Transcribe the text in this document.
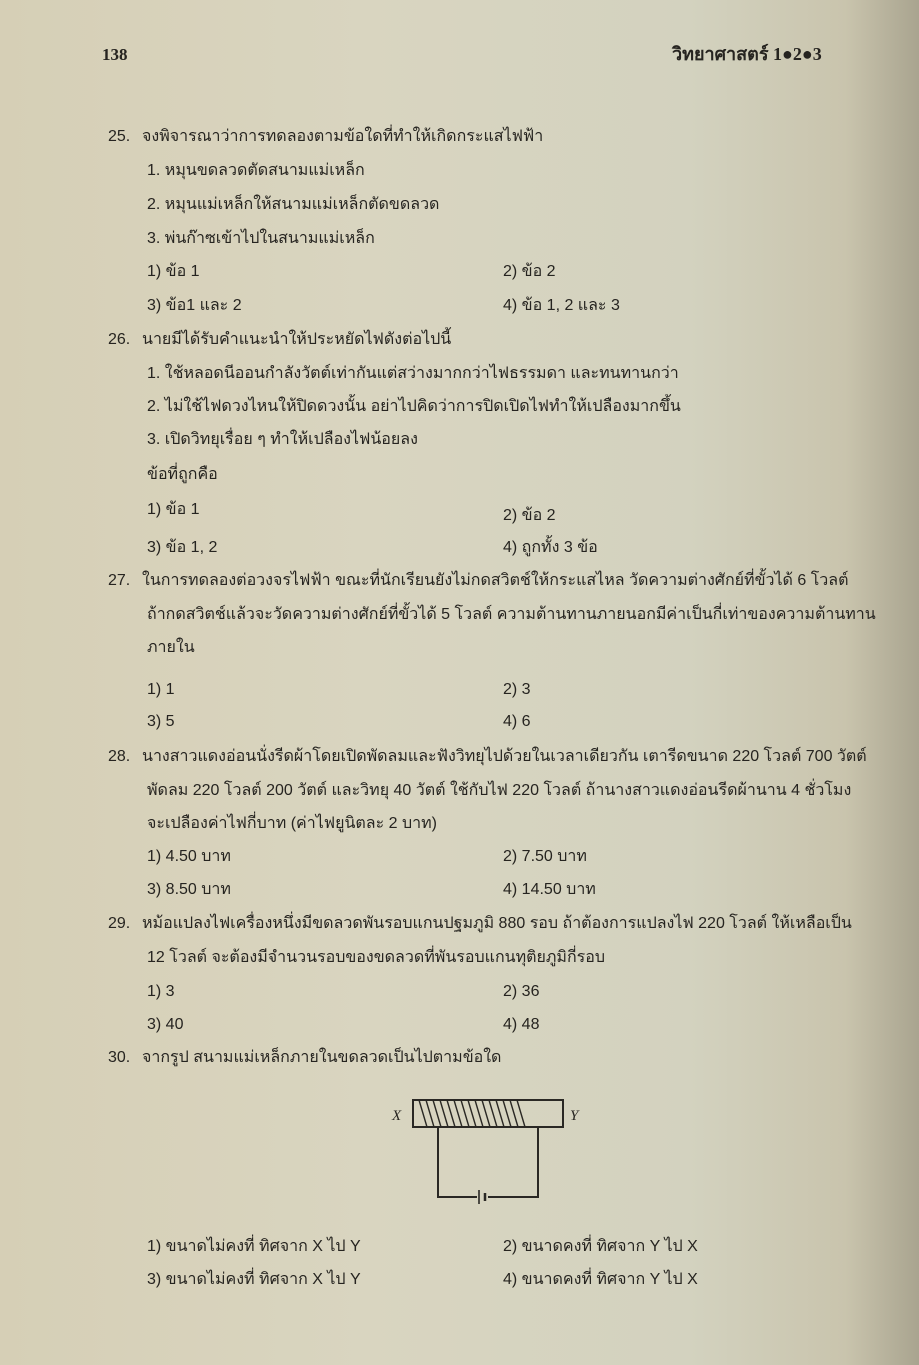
138	วิทยาศาสตร์ 1●2●3
25. จงพิจารณาว่าการทดลองตามข้อใดที่ทำให้เกิดกระแสไฟฟ้า
1. หมุนขดลวดตัดสนามแม่เหล็ก
2. หมุนแม่เหล็กให้สนามแม่เหล็กตัดขดลวด
3. พ่นก๊าซเข้าไปในสนามแม่เหล็ก
1) ข้อ 1	2) ข้อ 2
3) ข้อ1 และ 2	4) ข้อ 1, 2 และ 3
26. นายมีได้รับคำแนะนำให้ประหยัดไฟดังต่อไปนี้
1. ใช้หลอดนีออนกำลังวัตต์เท่ากันแต่สว่างมากกว่าไฟธรรมดา และทนทานกว่า
2. ไม่ใช้ไฟดวงไหนให้ปิดดวงนั้น อย่าไปคิดว่าการปิดเปิดไฟทำให้เปลืองมากขึ้น
3. เปิดวิทยุเรื่อย ๆ ทำให้เปลืองไฟน้อยลง
ข้อที่ถูกคือ
1) ข้อ 1	2) ข้อ 2
3) ข้อ 1, 2	4) ถูกทั้ง 3 ข้อ
27. ในการทดลองต่อวงจรไฟฟ้า ขณะที่นักเรียนยังไม่กดสวิตช์ให้กระแสไหล วัดความต่างศักย์ที่ขั้วได้ 6 โวลต์
ถ้ากดสวิตช์แล้วจะวัดความต่างศักย์ที่ขั้วได้ 5 โวลต์ ความต้านทานภายนอกมีค่าเป็นกี่เท่าของความต้านทาน
ภายใน
1) 1	2) 3
3) 5	4) 6
28. นางสาวแดงอ่อนนั่งรีดผ้าโดยเปิดพัดลมและฟังวิทยุไปด้วยในเวลาเดียวกัน เตารีดขนาด 220 โวลต์ 700 วัตต์
พัดลม 220 โวลต์ 200 วัตต์ และวิทยุ 40 วัตต์ ใช้กับไฟ 220 โวลต์ ถ้านางสาวแดงอ่อนรีดผ้านาน 4 ชั่วโมง
จะเปลืองค่าไฟกี่บาท (ค่าไฟยูนิตละ 2 บาท)
1) 4.50 บาท	2) 7.50 บาท
3) 8.50 บาท	4) 14.50 บาท
29. หม้อแปลงไฟเครื่องหนึ่งมีขดลวดพันรอบแกนปฐมภูมิ 880 รอบ ถ้าต้องการแปลงไฟ 220 โวลต์ ให้เหลือเป็น
12 โวลต์ จะต้องมีจำนวนรอบของขดลวดที่พันรอบแกนทุติยภูมิกี่รอบ
1) 3	2) 36
3) 40	4) 48
30. จากรูป สนามแม่เหล็กภายในขดลวดเป็นไปตามข้อใด
X	Y
1) ขนาดไม่คงที่ ทิศจาก X ไป Y	2) ขนาดคงที่ ทิศจาก Y ไป X
3) ขนาดไม่คงที่ ทิศจาก X ไป Y	4) ขนาดคงที่ ทิศจาก Y ไป X
